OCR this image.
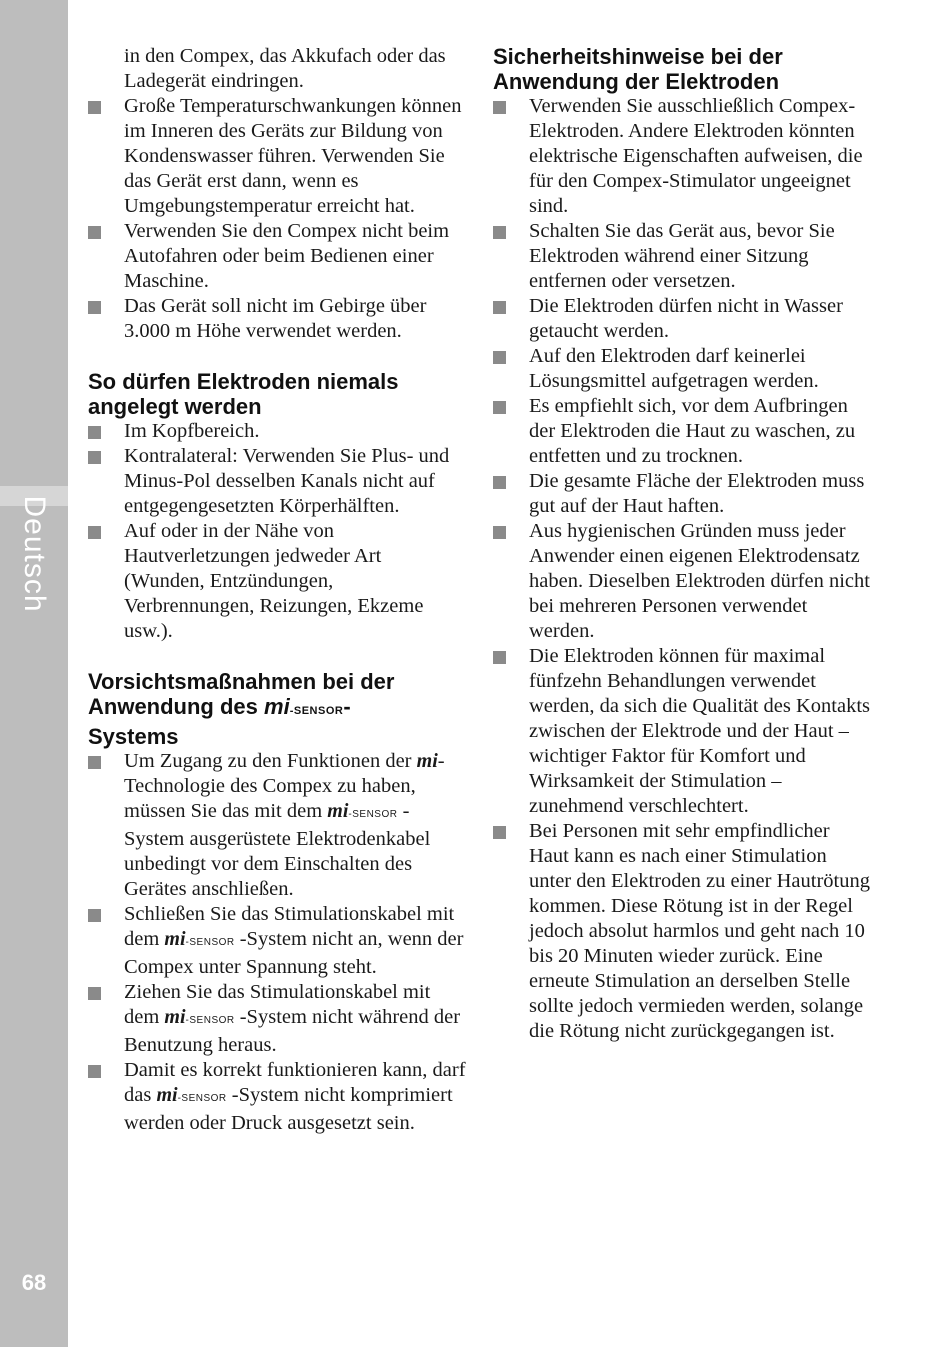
Deutsch
68

in den Compex, das Akkufach oder das Ladegerät eindringen.

Große Temperaturschwankungen können im Inneren des Geräts zur Bildung von Kondenswasser führen. Verwenden Sie das Gerät erst dann, wenn es Umgebungstemperatur erreicht hat.
Verwenden Sie den Compex nicht beim Autofahren oder beim Bedienen einer Maschine.
Das Gerät soll nicht im Gebirge über 3.000 m Höhe verwendet werden.
So dürfen Elektroden niemals angelegt werden
Im Kopfbereich.
Kontralateral: Verwenden Sie Plus- und Minus-Pol desselben Kanals nicht auf entgegengesetzten Körperhälften.
Auf oder in der Nähe von Hautverletzungen jedweder Art (Wunden, Entzündungen, Verbrennungen, Reizungen, Ekzeme usw.).
Vorsichtsmaßnahmen bei der Anwendung des mi-SENSOR-
Systems
Um Zugang zu den Funktionen der mi-Technologie des Compex zu haben, müssen Sie das mit dem mi-SENSOR -System ausgerüstete Elektrodenkabel unbedingt vor dem Einschalten des Gerätes anschließen.
Schließen Sie das Stimulationskabel mit dem mi-SENSOR -System nicht an, wenn der Compex unter Spannung steht.
Ziehen Sie das Stimulationskabel mit dem mi-SENSOR -System nicht während der Benutzung heraus.
Damit es korrekt funktionieren kann, darf das mi-SENSOR -System nicht komprimiert werden oder Druck ausgesetzt sein.
Sicherheitshinweise bei der Anwendung der Elektroden
Verwenden Sie ausschließlich Compex-Elektroden. Andere Elektroden könnten elektrische Eigenschaften aufweisen, die für den Compex-Stimulator ungeeignet sind.
Schalten Sie das Gerät aus, bevor Sie Elektroden während einer Sitzung entfernen oder versetzen.
Die Elektroden dürfen nicht in Wasser getaucht werden.
Auf den Elektroden darf keinerlei Lösungsmittel aufgetragen werden.
Es empfiehlt sich, vor dem Aufbringen der Elektroden die Haut zu waschen, zu entfetten und zu trocknen.
Die gesamte Fläche der Elektroden muss gut auf der Haut haften.
Aus hygienischen Gründen muss jeder Anwender einen eigenen Elektrodensatz haben. Dieselben Elektroden dürfen nicht bei mehreren Personen verwendet werden.
Die Elektroden können für maximal fünfzehn Behandlungen verwendet werden, da sich die Qualität des Kontakts zwischen der Elektrode und der Haut – wichtiger Faktor für Komfort und Wirksamkeit der Stimulation – zunehmend verschlechtert.
Bei Personen mit sehr empfindlicher Haut kann es nach einer Stimulation unter den Elektroden zu einer Hautrötung kommen. Diese Rötung ist in der Regel jedoch absolut harmlos und geht nach 10 bis 20 Minuten wieder zurück. Eine erneute Stimulation an derselben Stelle sollte jedoch vermieden werden, solange die Rötung nicht zurückgegangen ist.
